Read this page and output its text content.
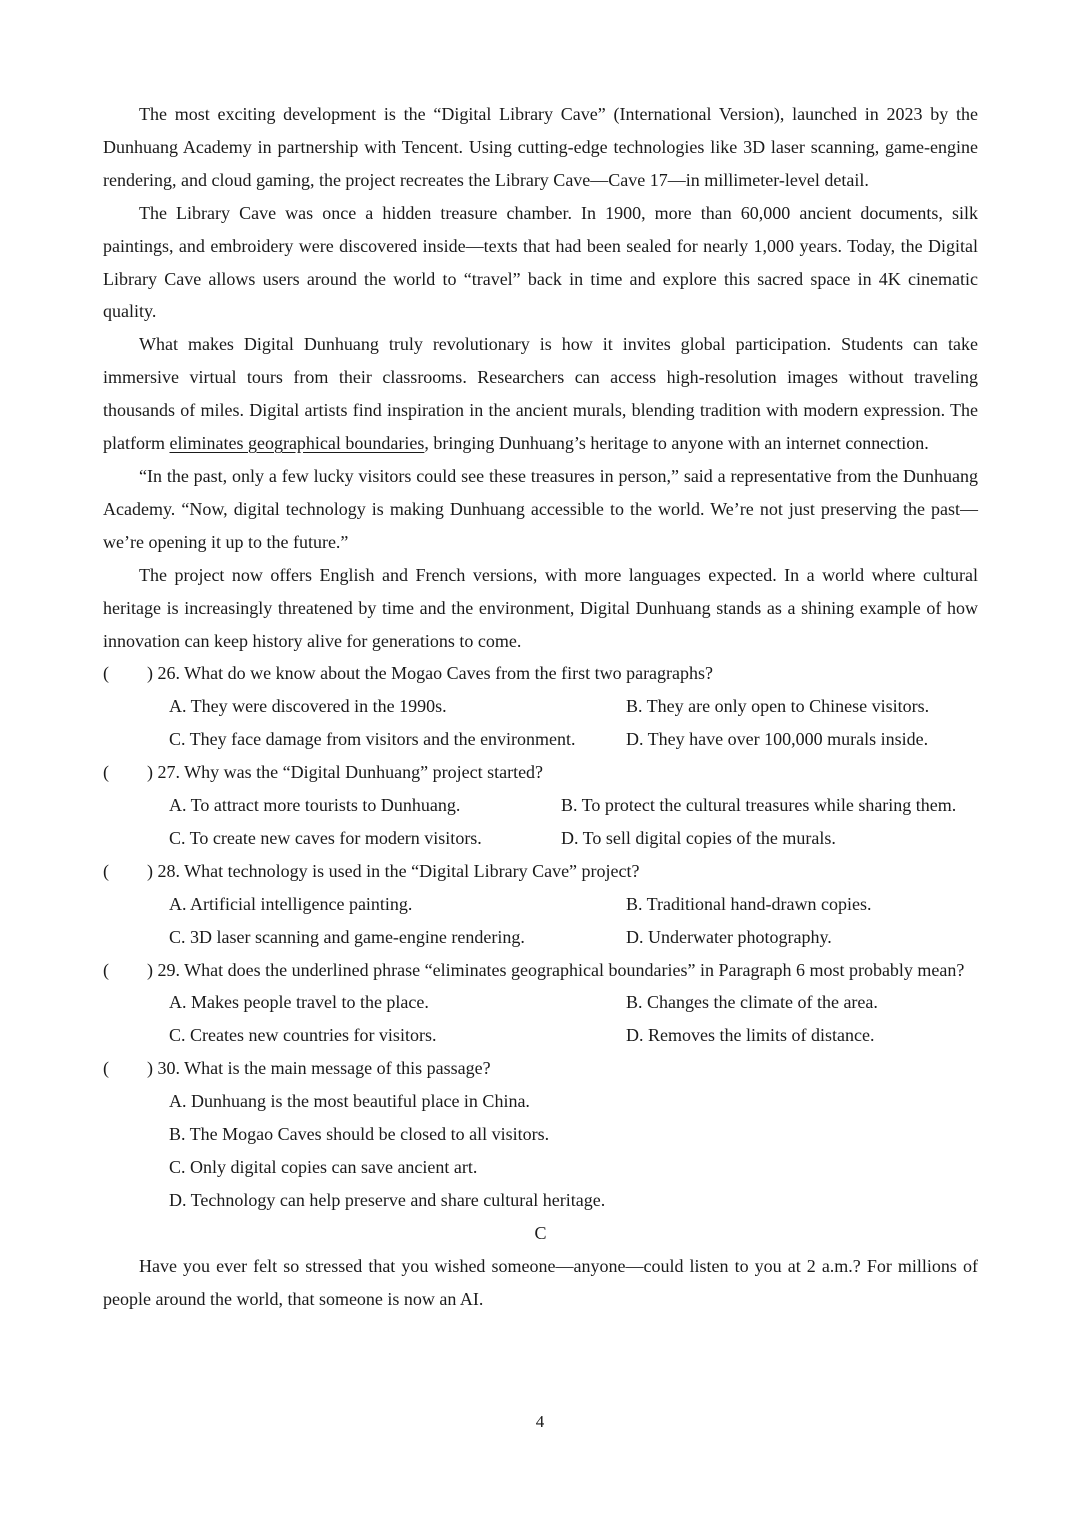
The most exciting development is the “Digital Library Cave” (International Version), launched in 2023 by the Dunhuang Academy in partnership with Tencent. Using cutting-edge technologies like 3D laser scanning, game-engine rendering, and cloud gaming, the project recreates the Library Cave—Cave 17—in millimeter-level detail.

The Library Cave was once a hidden treasure chamber. In 1900, more than 60,000 ancient documents, silk paintings, and embroidery were discovered inside—texts that had been sealed for nearly 1,000 years. Today, the Digital Library Cave allows users around the world to “travel” back in time and explore this sacred space in 4K cinematic quality.

What makes Digital Dunhuang truly revolutionary is how it invites global participation. Students can take immersive virtual tours from their classrooms. Researchers can access high-resolution images without traveling thousands of miles. Digital artists find inspiration in the ancient murals, blending tradition with modern expression. The platform eliminates geographical boundaries, bringing Dunhuang’s heritage to anyone with an internet connection.

“In the past, only a few lucky visitors could see these treasures in person,” said a representative from the Dunhuang Academy. “Now, digital technology is making Dunhuang accessible to the world. We’re not just preserving the past—we’re opening it up to the future.”

The project now offers English and French versions, with more languages expected. In a world where cultural heritage is increasingly threatened by time and the environment, Digital Dunhuang stands as a shining example of how innovation can keep history alive for generations to come.

( ) 26. What do we know about the Mogao Caves from the first two paragraphs?

A. They were discovered in the 1990s.	B. They are only open to Chinese visitors.
C. They face damage from visitors and the environment.	D. They have over 100,000 murals inside.

( ) 27. Why was the “Digital Dunhuang” project started?

A. To attract more tourists to Dunhuang.	B. To protect the cultural treasures while sharing them.
C. To create new caves for modern visitors.	D. To sell digital copies of the murals.

( ) 28. What technology is used in the “Digital Library Cave” project?

A. Artificial intelligence painting.	B. Traditional hand-drawn copies.
C. 3D laser scanning and game-engine rendering.	D. Underwater photography.

( ) 29. What does the underlined phrase “eliminates geographical boundaries” in Paragraph 6 most probably mean?

A. Makes people travel to the place.	B. Changes the climate of the area.
C. Creates new countries for visitors.	D. Removes the limits of distance.

( ) 30. What is the main message of this passage?

A. Dunhuang is the most beautiful place in China.

B. The Mogao Caves should be closed to all visitors.

C. Only digital copies can save ancient art.

D. Technology can help preserve and share cultural heritage.

C

Have you ever felt so stressed that you wished someone—anyone—could listen to you at 2 a.m.? For millions of people around the world, that someone is now an AI.

4
